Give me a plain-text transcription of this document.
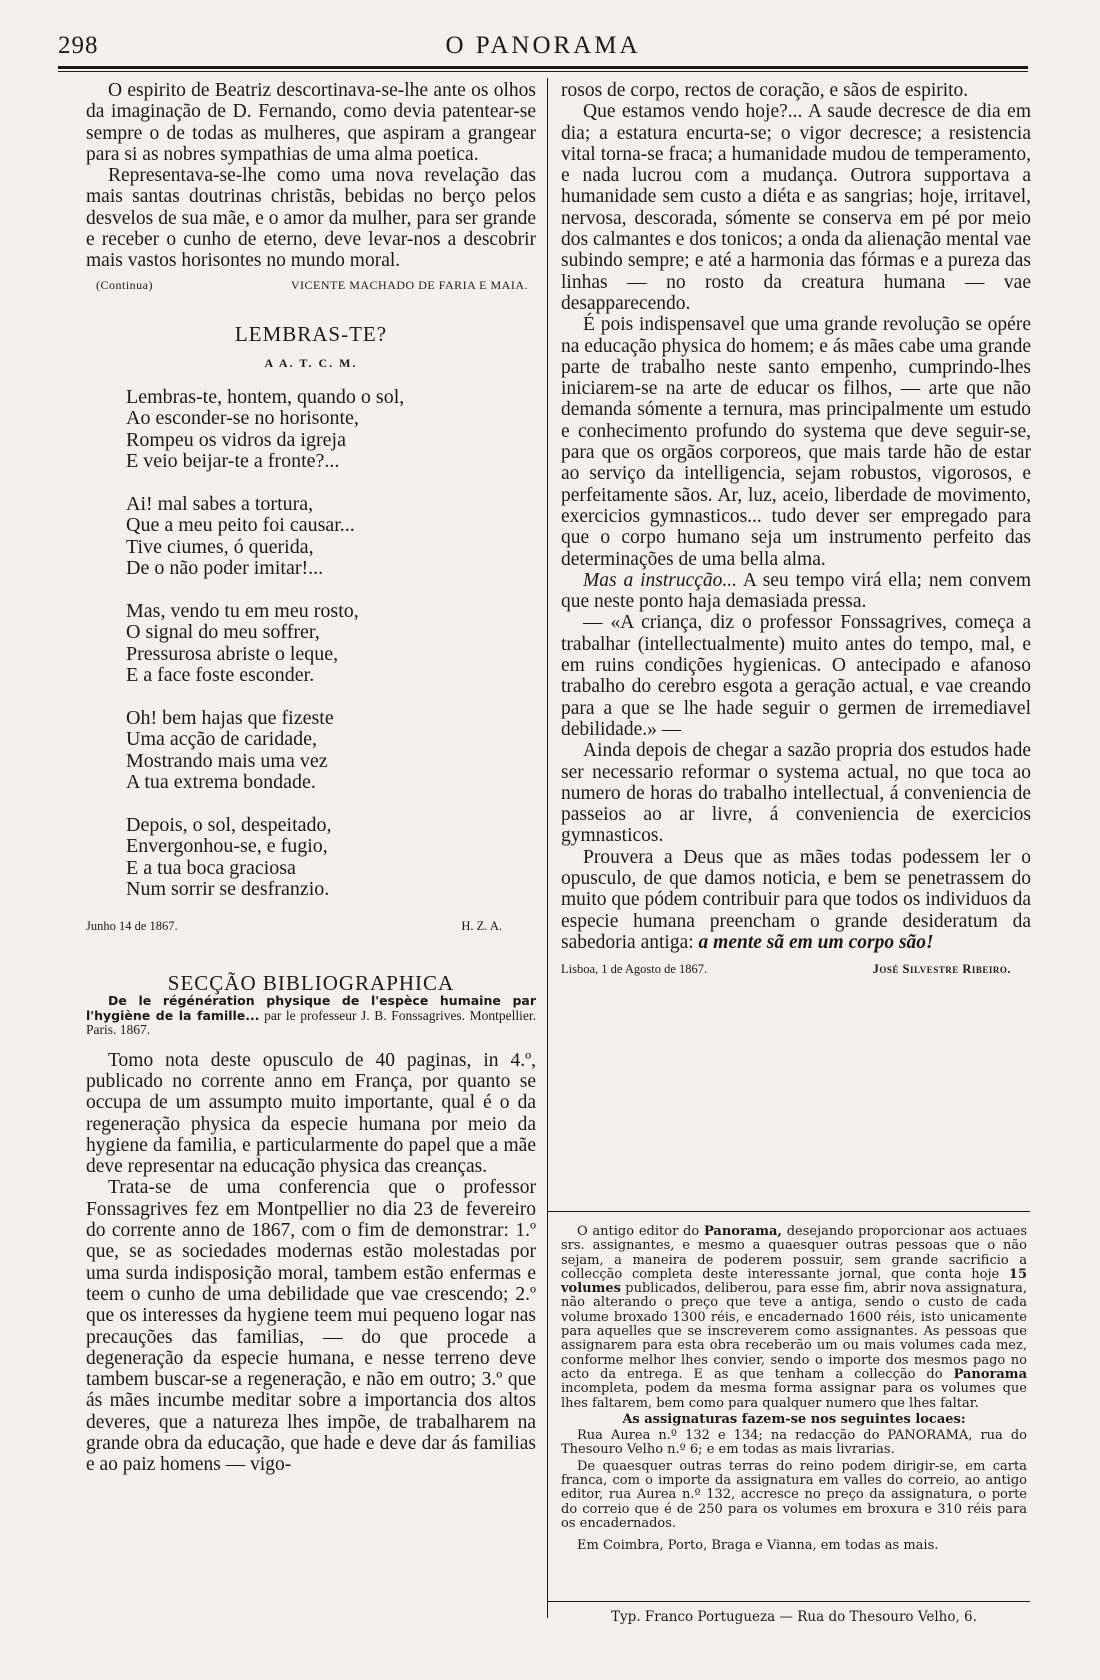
O PANORAMA
298

O espirito de Beatriz descortinava-se-lhe ante os olhos da imaginação de D. Fernando, como devia patentear-se sempre o de todas as mulheres, que aspiram a grangear para si as nobres sympathias de uma alma poetica.

Representava-se-lhe como uma nova revelação das mais santas doutrinas christãs, bebidas no berço pelos desvelos de sua mãe, e o amor da mulher, para ser grande e receber o cunho de eterno, deve levar-nos a descobrir mais vastos horisontes no mundo moral.

(Continua)	VICENTE MACHADO DE FARIA E MAIA.
LEMBRAS-TE?
A A. T. C. M.
Lembras-te, hontem, quando o sol,
Ao esconder-se no horisonte,
Rompeu os vidros da igreja
E veio beijar-te a fronte?...
Ai! mal sabes a tortura,
Que a meu peito foi causar...
Tive ciumes, ó querida,
De o não poder imitar!...
Mas, vendo tu em meu rosto,
O signal do meu soffrer,
Pressurosa abriste o leque,
E a face foste esconder.
Oh! bem hajas que fizeste
Uma acção de caridade,
Mostrando mais uma vez
A tua extrema bondade.
Depois, o sol, despeitado,
Envergonhou-se, e fugio,
E a tua boca graciosa
Num sorrir se desfranzio.
Junho 14 de 1867.	H. Z. A.
SECÇÃO BIBLIOGRAPHICA

De le régénération physique de l'espèce humaine par l'hygiène de la famille... par le professeur J. B. Fonssagrives. Montpellier. Paris. 1867.

Tomo nota deste opusculo de 40 paginas, in 4.º, publicado no corrente anno em França, por quanto se occupa de um assumpto muito importante, qual é o da regeneração physica da especie humana por meio da hygiene da familia, e particularmente do papel que a mãe deve representar na educação physica das creanças.

Trata-se de uma conferencia que o professor Fonssagrives fez em Montpellier no dia 23 de fevereiro do corrente anno de 1867, com o fim de demonstrar: 1.º que, se as sociedades modernas estão molestadas por uma surda indisposição moral, tambem estão enfermas e teem o cunho de uma debilidade que vae crescendo; 2.º que os interesses da hygiene teem mui pequeno logar nas precauções das familias, — do que procede a degeneração da especie humana, e nesse terreno deve tambem buscar-se a regeneração, e não em outro; 3.º que ás mães incumbe meditar sobre a importancia dos altos deveres, que a natureza lhes impõe, de trabalharem na grande obra da educação, que hade e deve dar ás familias e ao paiz homens — vigo-

rosos de corpo, rectos de coração, e sãos de espirito.

Que estamos vendo hoje?... A saude decresce de dia em dia; a estatura encurta-se; o vigor decresce; a resistencia vital torna-se fraca; a humanidade mudou de temperamento, e nada lucrou com a mudança. Outrora supportava a humanidade sem custo a diéta e as sangrias; hoje, irritavel, nervosa, descorada, sómente se conserva em pé por meio dos calmantes e dos tonicos; a onda da alienação mental vae subindo sempre; e até a harmonia das fórmas e a pureza das linhas — no rosto da creatura humana — vae desapparecendo.

É pois indispensavel que uma grande revolução se opére na educação physica do homem; e ás mães cabe uma grande parte de trabalho neste santo empenho, cumprindo-lhes iniciarem-se na arte de educar os filhos, — arte que não demanda sómente a ternura, mas principalmente um estudo e conhecimento profundo do systema que deve seguir-se, para que os orgãos corporeos, que mais tarde hão de estar ao serviço da intelligencia, sejam robustos, vigorosos, e perfeitamente sãos. Ar, luz, aceio, liberdade de movimento, exercicios gymnasticos... tudo dever ser empregado para que o corpo humano seja um instrumento perfeito das determinações de uma bella alma.

Mas a instrucção... A seu tempo virá ella; nem convem que neste ponto haja demasiada pressa.

— «A criança, diz o professor Fonssagrives, começa a trabalhar (intellectualmente) muito antes do tempo, mal, e em ruins condições hygienicas. O antecipado e afanoso trabalho do cerebro esgota a geração actual, e vae creando para a que se lhe hade seguir o germen de irremediavel debilidade.» —

Ainda depois de chegar a sazão propria dos estudos hade ser necessario reformar o systema actual, no que toca ao numero de horas do trabalho intellectual, á conveniencia de passeios ao ar livre, á conveniencia de exercicios gymnasticos.

Prouvera a Deus que as mães todas podessem ler o opusculo, de que damos noticia, e bem se penetrassem do muito que pódem contribuir para que todos os individuos da especie humana preencham o grande desideratum da sabedoria antiga: a mente sã em um corpo são!

Lisboa, 1 de Agosto de 1867.	José Silvestre Ribeiro.

O antigo editor do Panorama, desejando proporcionar aos actuaes srs. assignantes, e mesmo a quaesquer outras pessoas que o não sejam, a maneira de poderem possuir, sem grande sacrificio a collecção completa deste interessante jornal, que conta hoje 15 volumes publicados, deliberou, para esse fim, abrir nova assignatura, não alterando o preço que teve a antiga, sendo o custo de cada volume broxado 1300 réis, e encadernado 1600 réis, isto unicamente para aquelles que se inscreverem como assignantes. As pessoas que assignarem para esta obra receberão um ou mais volumes cada mez, conforme melhor lhes convier, sendo o importe dos mesmos pago no acto da entrega. E as que tenham a collecção do Panorama incompleta, podem da mesma forma assignar para os volumes que lhes faltarem, bem como para qualquer numero que lhes faltar.

As assignaturas fazem-se nos seguintes locaes:

Rua Aurea n.º 132 e 134; na redacção do PANORAMA, rua do Thesouro Velho n.º 6; e em todas as mais livrarias.

De quaesquer outras terras do reino podem dirigir-se, em carta franca, com o importe da assignatura em valles do correio, ao antigo editor, rua Aurea n.º 132, accresce no preço da assignatura, o porte do correio que é de 250 para os volumes em broxura e 310 réis para os encadernados.

Em Coimbra, Porto, Braga e Vianna, em todas as mais.

Typ. Franco Portugueza — Rua do Thesouro Velho, 6.
